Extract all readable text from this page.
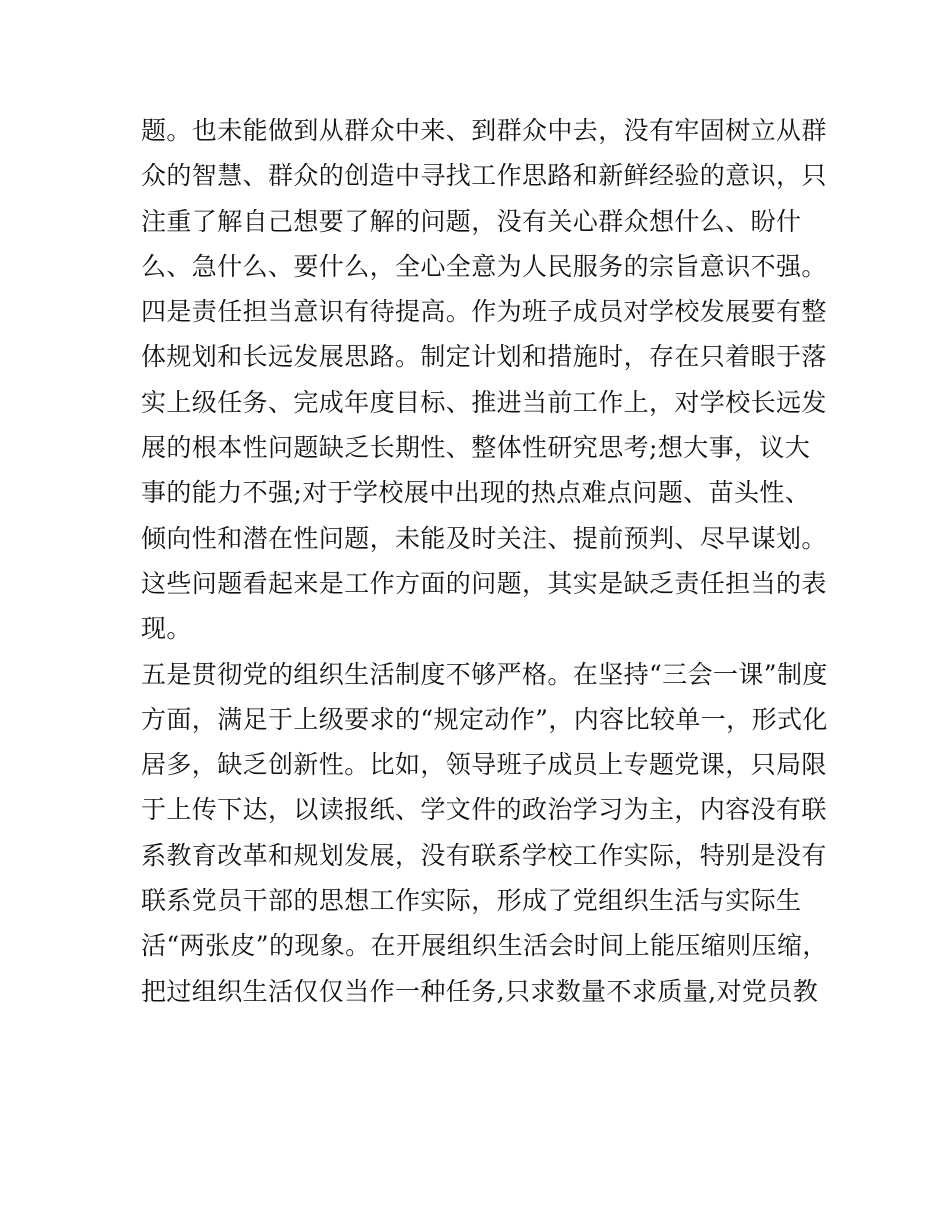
题。也未能做到从群众中来、到群众中去，没有牢固树立从群
众的智慧、群众的创造中寻找工作思路和新鲜经验的意识，只
注重了解自己想要了解的问题，没有关心群众想什么、盼什
么、急什么、要什么，全心全意为人民服务的宗旨意识不强。
四是责任担当意识有待提高。作为班子成员对学校发展要有整
体规划和长远发展思路。制定计划和措施时，存在只着眼于落
实上级任务、完成年度目标、推进当前工作上，对学校长远发
展的根本性问题缺乏长期性、整体性研究思考;想大事，议大
事的能力不强;对于学校展中出现的热点难点问题、苗头性、
倾向性和潜在性问题，未能及时关注、提前预判、尽早谋划。
这些问题看起来是工作方面的问题，其实是缺乏责任担当的表
现。
五是贯彻党的组织生活制度不够严格。在坚持“三会一课”制度
方面，满足于上级要求的“规定动作”，内容比较单一，形式化
居多，缺乏创新性。比如，领导班子成员上专题党课，只局限
于上传下达，以读报纸、学文件的政治学习为主，内容没有联
系教育改革和规划发展，没有联系学校工作实际，特别是没有
联系党员干部的思想工作实际，形成了党组织生活与实际生
活“两张皮”的现象。在开展组织生活会时间上能压缩则压缩，
把过组织生活仅仅当作一种任务,只求数量不求质量,对党员教
